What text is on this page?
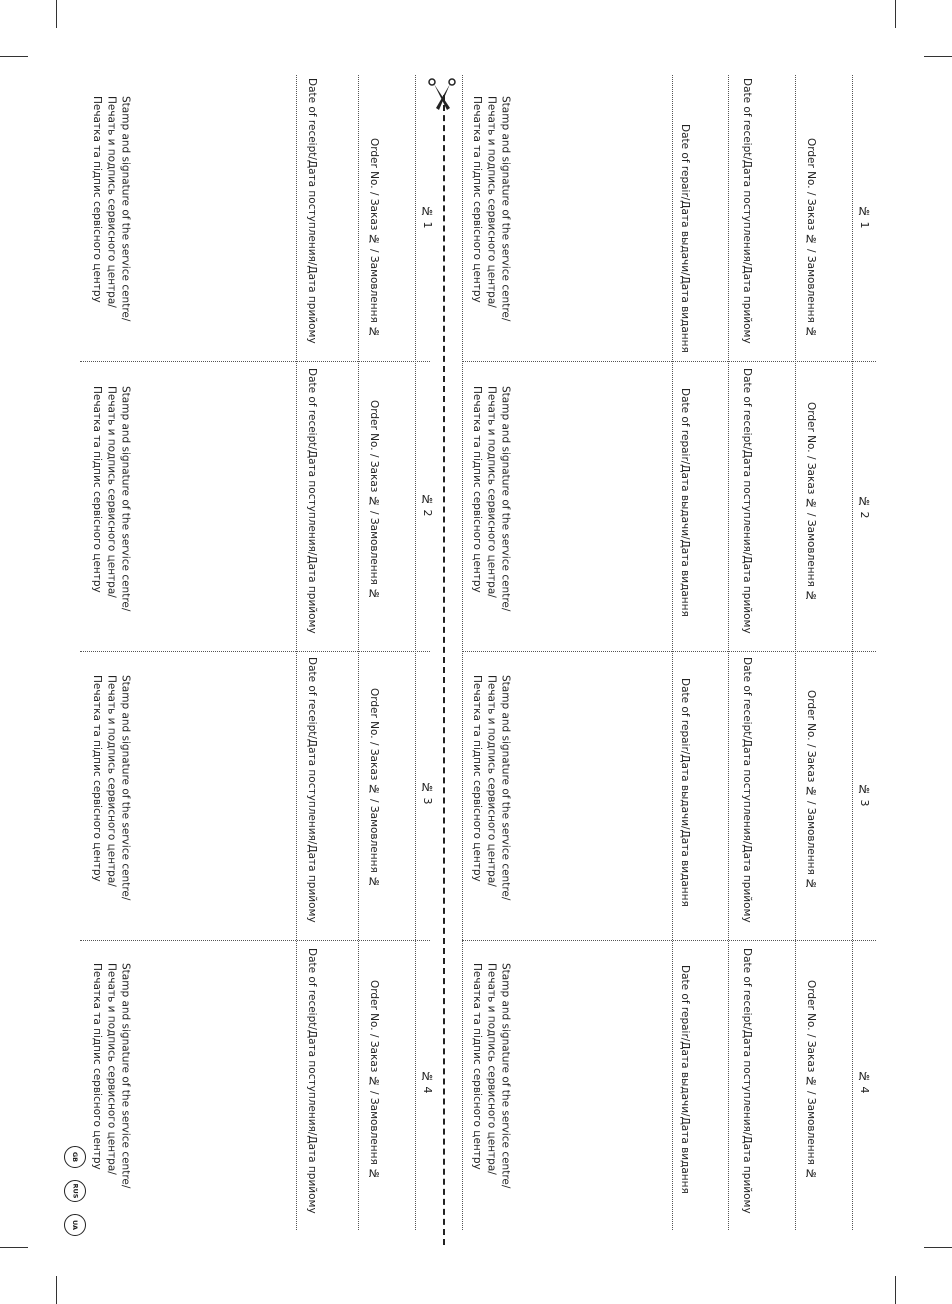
№ 1
Order No. / Заказ № / Замовлення №
Date of receipt/Дата поступления/Дата прийому
Date of repair/Дата выдачи/Дата видання
Stamp and signature of the service centre/
Печать и подпись сервисного центра/
Печатка та підпис сервісного центру
№ 2
Order No. / Заказ № / Замовлення №
Date of receipt/Дата поступления/Дата прийому
Date of repair/Дата выдачи/Дата видання
Stamp and signature of the service centre/
Печать и подпись сервисного центра/
Печатка та підпис сервісного центру
№ 3
Order No. / Заказ № / Замовлення №
Date of receipt/Дата поступления/Дата прийому
Date of repair/Дата выдачи/Дата видання
Stamp and signature of the service centre/
Печать и подпись сервисного центра/
Печатка та підпис сервісного центру
№ 4
Order No. / Заказ № / Замовлення №
Date of receipt/Дата поступления/Дата прийому
Date of repair/Дата выдачи/Дата видання
Stamp and signature of the service centre/
Печать и подпись сервисного центра/
Печатка та підпис сервісного центру
№ 1
Order No. / Заказ № / Замовлення №
Date of receipt/Дата поступления/Дата прийому
Stamp and signature of the service centre/
Печать и подпись сервисного центра/
Печатка та підпис сервісного центру
№ 2
Order No. / Заказ № / Замовлення №
Date of receipt/Дата поступления/Дата прийому
Stamp and signature of the service centre/
Печать и подпись сервисного центра/
Печатка та підпис сервісного центру
№ 3
Order No. / Заказ № / Замовлення №
Date of receipt/Дата поступления/Дата прийому
Stamp and signature of the service centre/
Печать и подпись сервисного центра/
Печатка та підпис сервісного центру
№ 4
Order No. / Заказ № / Замовлення №
Date of receipt/Дата поступления/Дата прийому
Stamp and signature of the service centre/
Печать и подпись сервисного центра/
Печатка та підпис сервісного центру
GB
RUS
UA
